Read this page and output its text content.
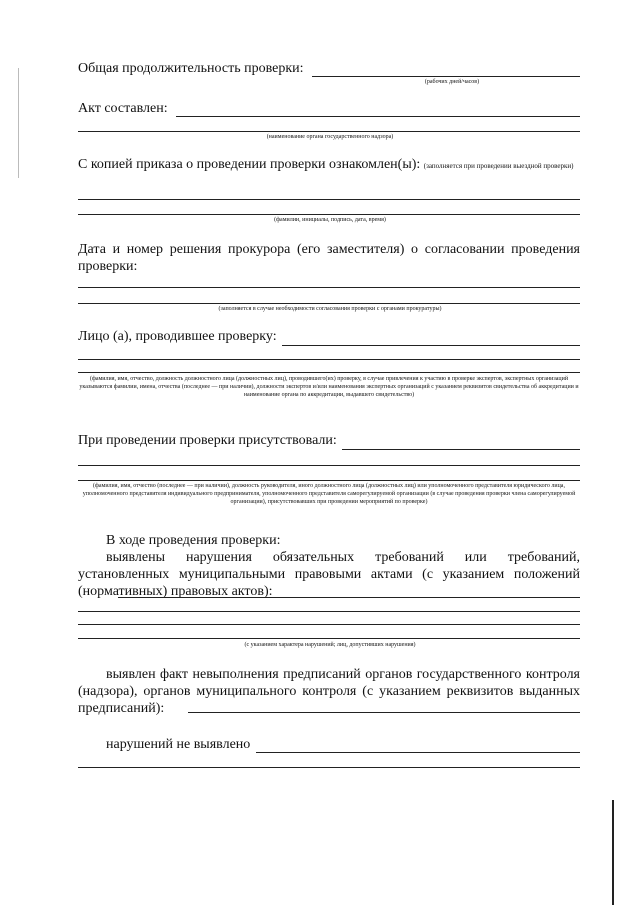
Общая продолжительность проверки:
(рабочих дней/часов)
Акт составлен:
(наименование органа государственного надзора)
С копией приказа о проведении проверки ознакомлен(ы): (заполняется при проведении выездной проверки)
(фамилии, инициалы, подпись, дата, время)
Дата и номер решения прокурора (его заместителя) о согласовании проведения проверки:
(заполняется в случае необходимости согласования проверки с органами прокуратуры)
Лицо (а), проводившее проверку:
(фамилия, имя, отчество, должность должностного лица (должностных лиц), проводившего(их) проверку, в случае привлечения к участию в проверке экспертов, экспертных организаций указываются фамилии, имена, отчества (последнее — при наличии), должности экспертов и/или наименования экспертных организаций с указанием реквизитов свидетельства об аккредитации и наименование органа по аккредитации, выдавшего свидетельство)
При проведении проверки присутствовали:
(фамилия, имя, отчество (последнее — при наличии), должность руководителя, иного должностного лица (должностных лиц) или уполномоченного представителя юридического лица, уполномоченного представителя индивидуального предпринимателя, уполномоченного представителя саморегулируемой организации (в случае проведения проверки члена саморегулируемой организации), присутствовавших при проведении мероприятий по проверке)
В ходе проведения проверки:
выявлены нарушения обязательных требований или требований, установленных муниципальными правовыми актами (с указанием положений (нормативных) правовых актов):
(с указанием характера нарушений; лиц, допустивших нарушения)
выявлен факт невыполнения предписаний органов государственного контроля (надзора), органов муниципального контроля (с указанием реквизитов выданных предписаний):
нарушений не выявлено
